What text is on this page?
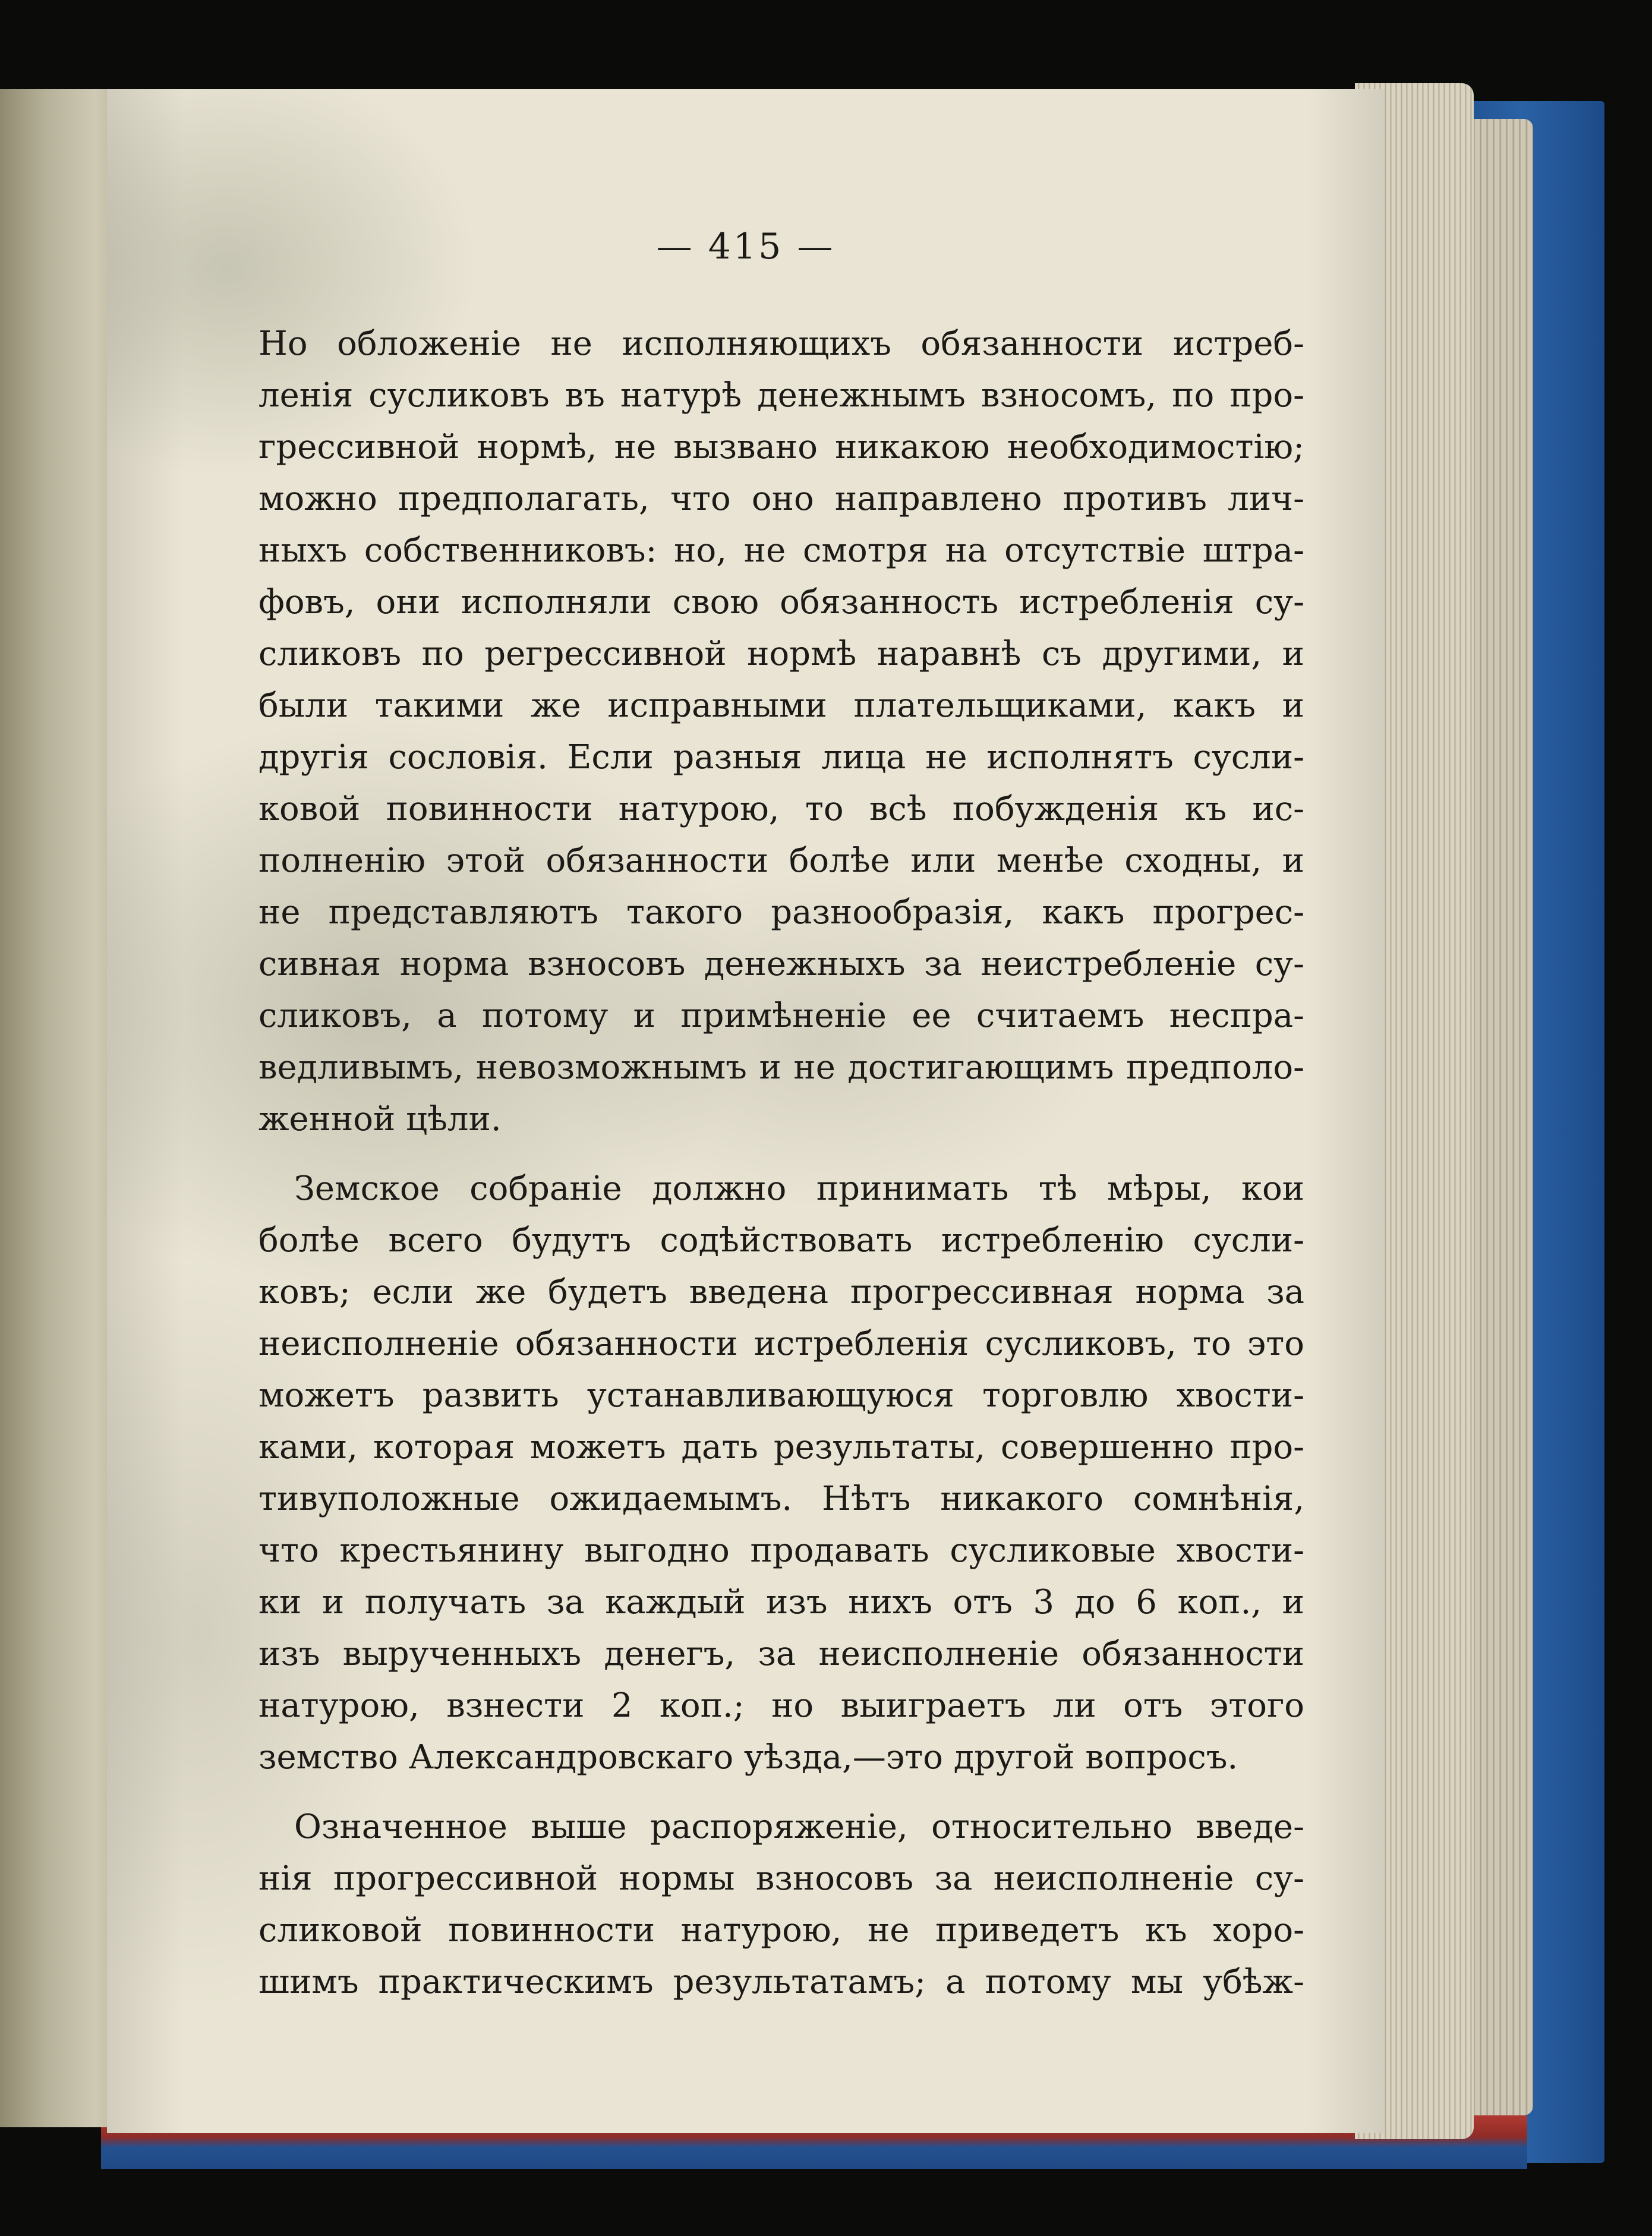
— 415 —
Но обложеніе не исполняющихъ обязанности истреб-
ленія сусликовъ въ натурѣ денежнымъ взносомъ, по про-
грессивной нормѣ, не вызвано никакою необходимостію;
можно предполагать, что оно направлено противъ лич-
ныхъ собственниковъ: но, не смотря на отсутствіе штра-
фовъ, они исполняли свою обязанность истребленія су-
сликовъ по регрессивной нормѣ наравнѣ съ другими, и
были такими же исправными плательщиками, какъ и
другія сословія. Если разныя лица не исполнятъ сусли-
ковой повинности натурою, то всѣ побужденія къ ис-
полненію этой обязанности болѣе или менѣе сходны, и
не представляютъ такого разнообразія, какъ прогрес-
сивная норма взносовъ денежныхъ за неистребленіе су-
сликовъ, а потому и примѣненіе ее считаемъ неспра-
ведливымъ, невозможнымъ и не достигающимъ предполо-
женной цѣли.
Земское собраніе должно принимать тѣ мѣры, кои
болѣе всего будутъ содѣйствовать истребленію сусли-
ковъ; если же будетъ введена прогрессивная норма за
неисполненіе обязанности истребленія сусликовъ, то это
можетъ развить устанавливающуюся торговлю хвости-
ками, которая можетъ дать результаты, совершенно про-
тивуположные ожидаемымъ. Нѣтъ никакого сомнѣнія,
что крестьянину выгодно продавать сусликовые хвости-
ки и получать за каждый изъ нихъ отъ 3 до 6 коп., и
изъ вырученныхъ денегъ, за неисполненіе обязанности
натурою, взнести 2 коп.; но выиграетъ ли отъ этого
земство Александровскаго уѣзда,—это другой вопросъ.
Означенное выше распоряженіе, относительно введе-
нія прогрессивной нормы взносовъ за неисполненіе су-
сликовой повинности натурою, не приведетъ къ хоро-
шимъ практическимъ результатамъ; а потому мы убѣж-
